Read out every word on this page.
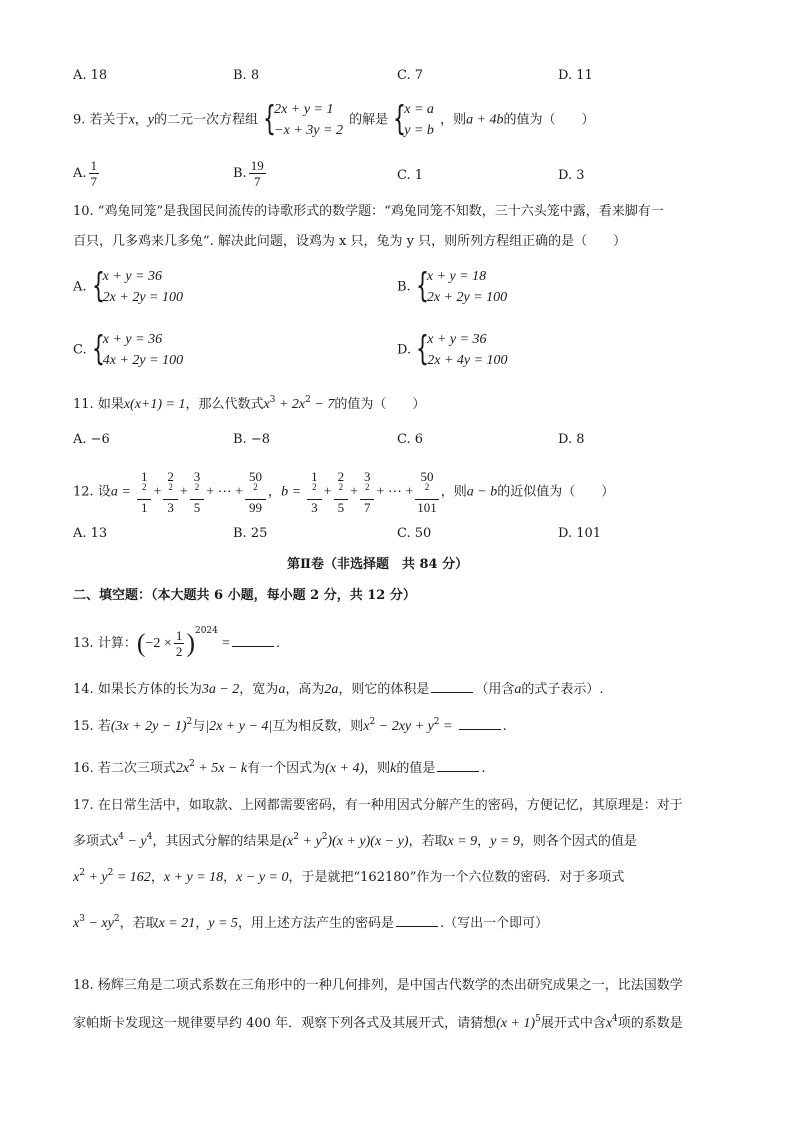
A. 18	B. 8	C. 7	D. 11
9. 若关于x，y的二元一次方程组 {
2x + y = 1
−x + 3y = 2
的解是 {
x = a
y = b
，则a + 4b的值为（　　）
A. $\frac{1}{7}$	B. $\frac{19}{7}$	C. 1	D. 3
10. “鸡兔同笼”是我国民间流传的诗歌形式的数学题：“鸡兔同笼不知数，三十六头笼中露，看来脚有一
百只，几多鸡来几多兔”. 解决此问题，设鸡为 x 只，兔为 y 只，则所列方程组正确的是（　　）
A. {
x + y = 36
2x + 2y = 100
B. {
x + y = 18
2x + 2y = 100
C. {
x + y = 36
4x + 2y = 100
D. {
x + y = 36
2x + 4y = 100
11. 如果x(x+1) = 1，那么代数式$x^3 + 2x^2 - 7$的值为（　　）
A. −6	B. −8	C. 6	D. 8
12. 设a = 1
$^2$
1 + 2
$^2$
3 + 3
$^2$
5 + ⋯ + 50
$^2$
99 ，b = 1
$^2$
3 + 2
$^2$
5 + 3
$^2$
7 + ⋯ + 50
$^2$
101 ，则a − b的近似值为（　　）
A. 13	B. 25	C. 50	D. 101
第Ⅱ卷（非选择题　共 84 分）
二、填空题：（本大题共 6 小题，每小题 2 分，共 12 分）
13. 计算：$(-2 \times \frac{1}{2} )^{2024}$ =	.
14. 如果长方体的长为3a − 2，宽为a，高为2a，则它的体积是	（用含a的式子表示）.
15. 若$(3x + 2y - 1)^2$与|2x + y − 4|互为相反数，则$x^2 - 2xy + y^2$ =	.
16. 若二次三项式$2x^2 + 5x - k$有一个因式为(x + 4)，则k的值是	.
17. 在日常生活中，如取款、上网都需要密码，有一种用因式分解产生的密码，方便记忆，其原理是：对于
多项式$x^4 - y^4$，其因式分解的结果是$(x^2 + y^2)(x + y)(x - y)$，若取x = 9，y = 9，则各个因式的值是
$x^2 + y^2 = 162$，x + y = 18，x − y = 0，于是就把“162180”作为一个六位数的密码．对于多项式
$x^3 - xy^2$，若取x = 21，y = 5，用上述方法产生的密码是	.（写出一个即可）
18. 杨辉三角是二项式系数在三角形中的一种几何排列，是中国古代数学的杰出研究成果之一，比法国数学
家帕斯卡发现这一规律要早约 400 年．观察下列各式及其展开式，请猜想$(x + 1)^5$展开式中含$x^4$项的系数是
